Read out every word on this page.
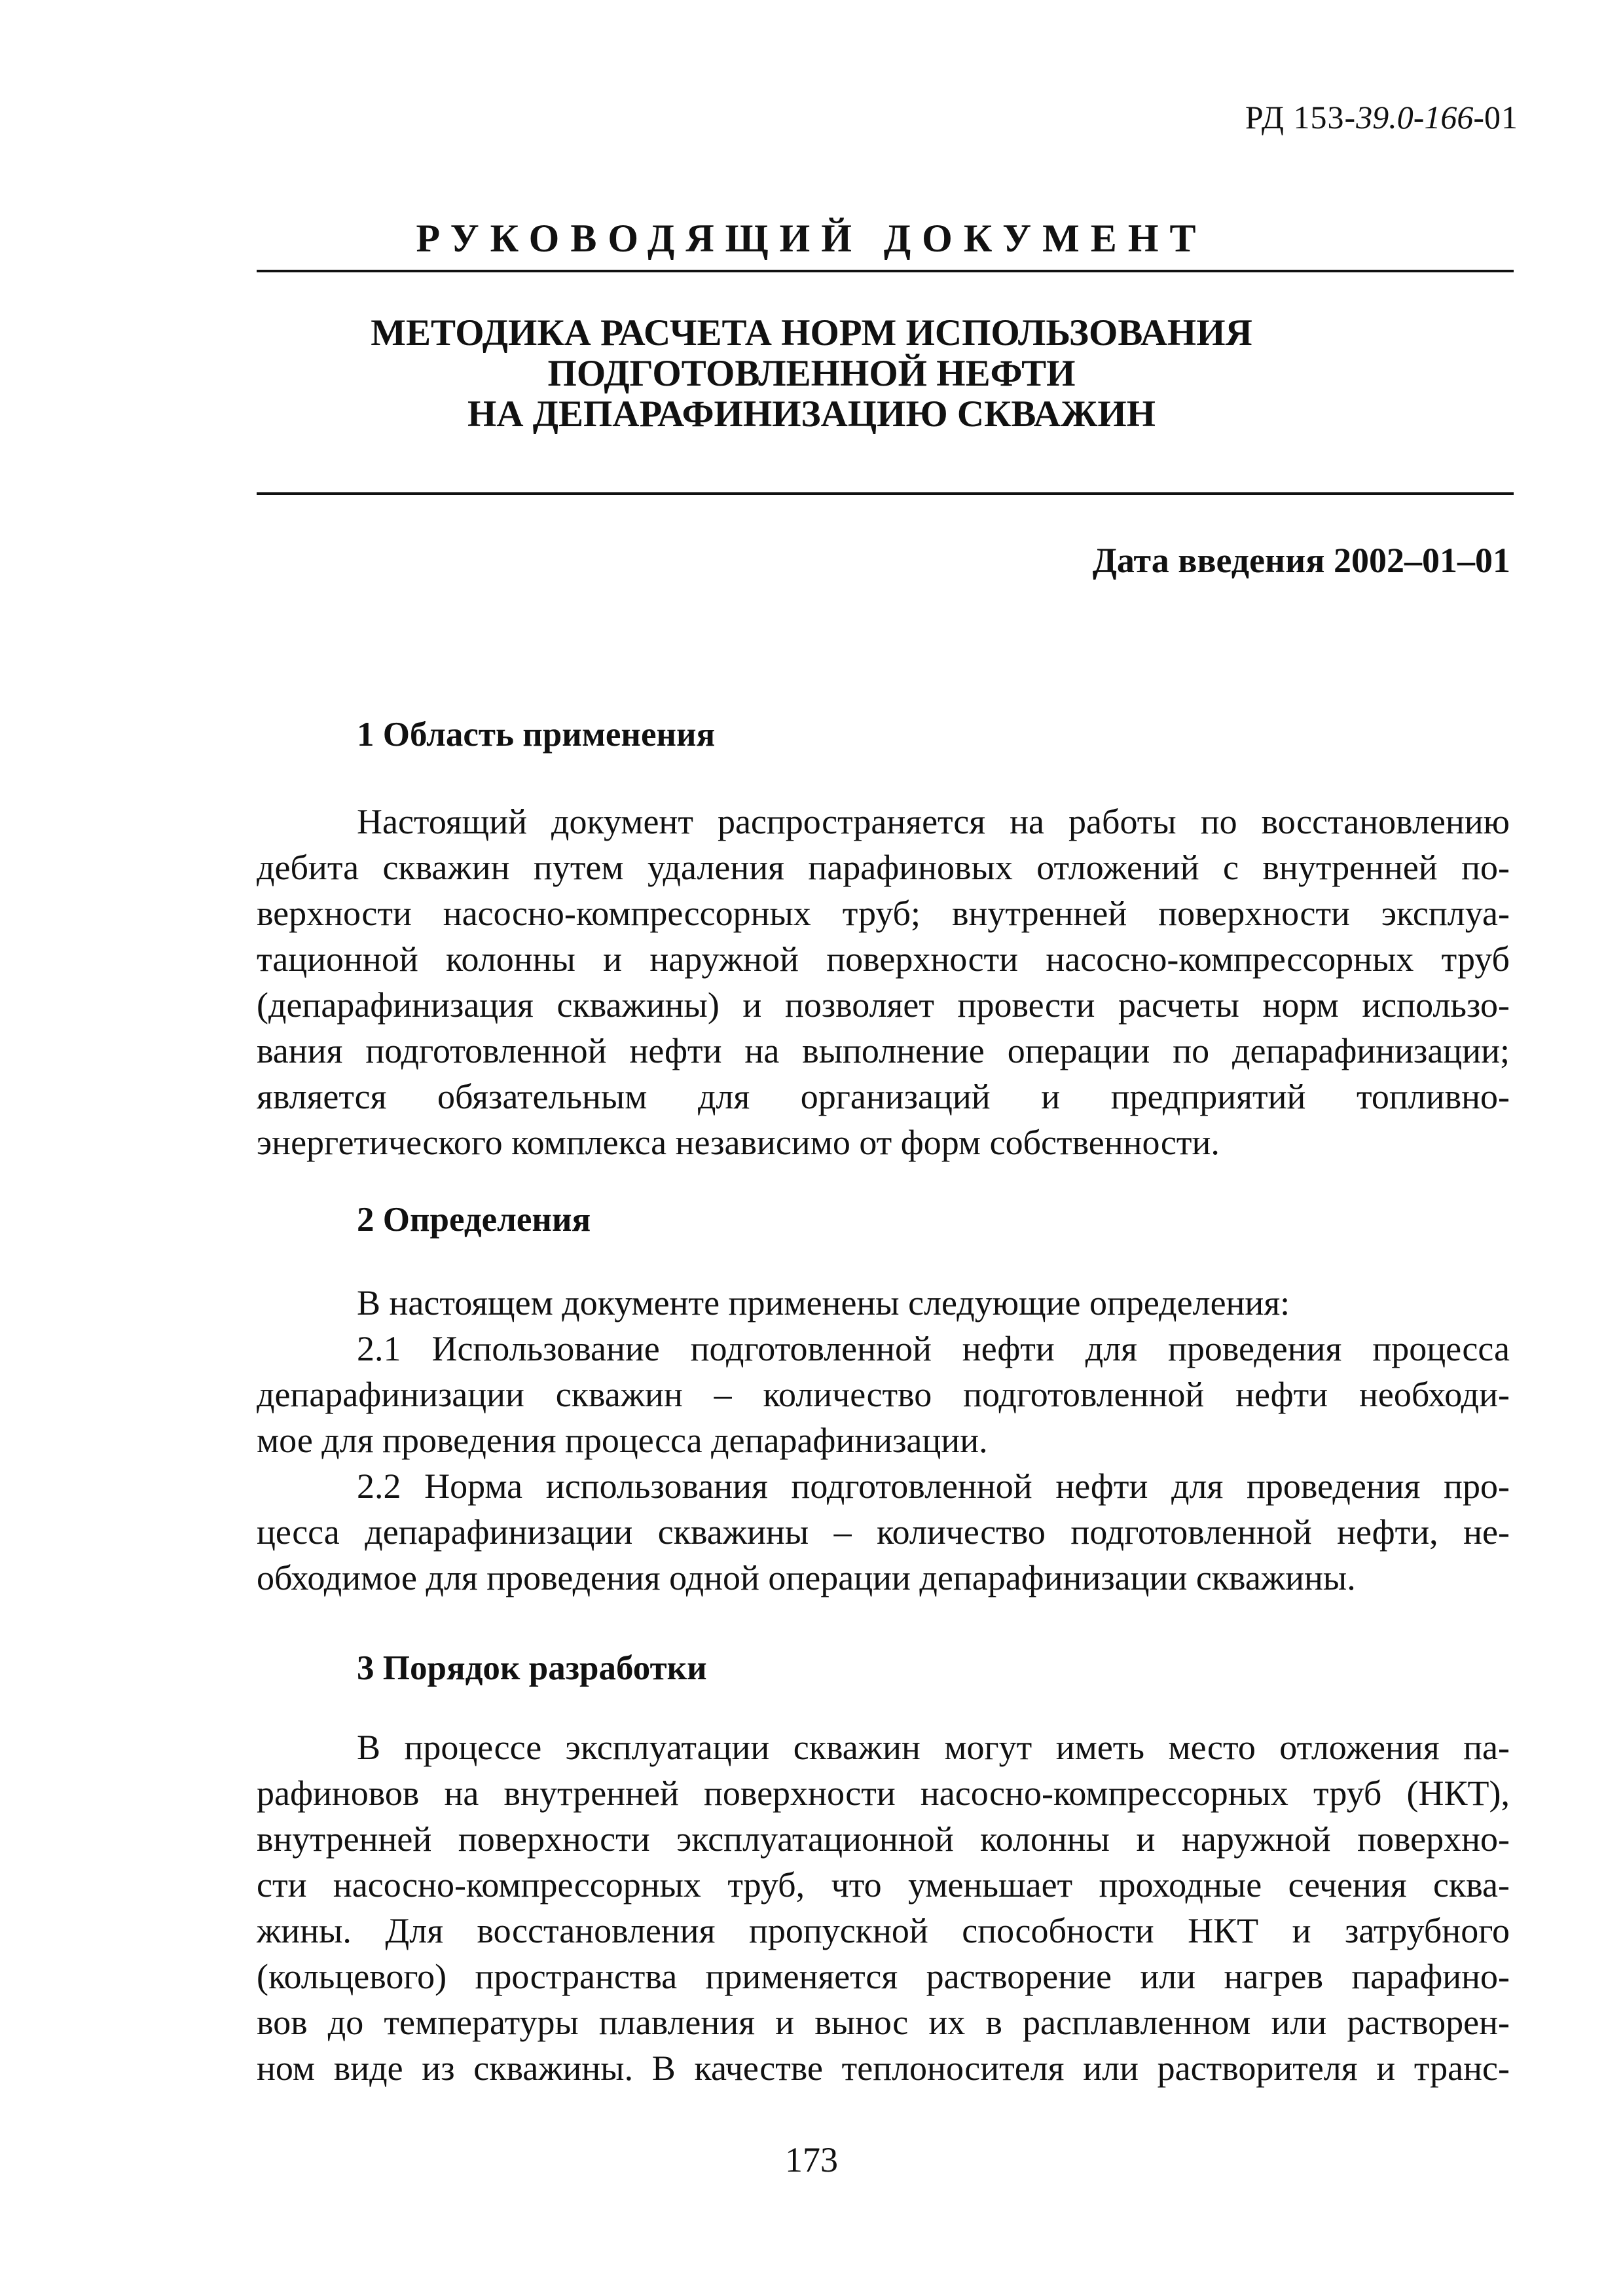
РД 153-39.0-166-01
РУКОВОДЯЩИЙ ДОКУМЕНТ
МЕТОДИКА РАСЧЕТА НОРМ ИСПОЛЬЗОВАНИЯ
ПОДГОТОВЛЕННОЙ НЕФТИ
НА ДЕПАРАФИНИЗАЦИЮ СКВАЖИН
Дата введения 2002–01–01
1 Область применения
Настоящий документ распространяется на работы по восстановлению
дебита скважин путем удаления парафиновых отложений с внутренней по-
верхности насосно-компрессорных труб; внутренней поверхности эксплуа-
тационной колонны и наружной поверхности насосно-компрессорных труб
(депарафинизация скважины) и позволяет провести расчеты норм использо-
вания подготовленной нефти на выполнение операции по депарафинизации;
является обязательным для организаций и предприятий топливно-
энергетического комплекса независимо от форм собственности.
2 Определения
В настоящем документе применены следующие определения:
2.1 Использование подготовленной нефти для проведения процесса
депарафинизации скважин – количество подготовленной нефти необходи-
мое для проведения процесса депарафинизации.
2.2 Норма использования подготовленной нефти для проведения про-
цесса депарафинизации скважины – количество подготовленной нефти, не-
обходимое для проведения одной операции депарафинизации скважины.
3 Порядок разработки
В процессе эксплуатации скважин могут иметь место отложения па-
рафиновов на внутренней поверхности насосно-компрессорных труб (НКТ),
внутренней поверхности эксплуатационной колонны и наружной поверхно-
сти насосно-компрессорных труб, что уменьшает проходные сечения сква-
жины. Для восстановления пропускной способности НКТ и затрубного
(кольцевого) пространства применяется растворение или нагрев парафино-
вов до температуры плавления и вынос их в расплавленном или растворен-
ном виде из скважины. В качестве теплоносителя или растворителя и транс-
173
